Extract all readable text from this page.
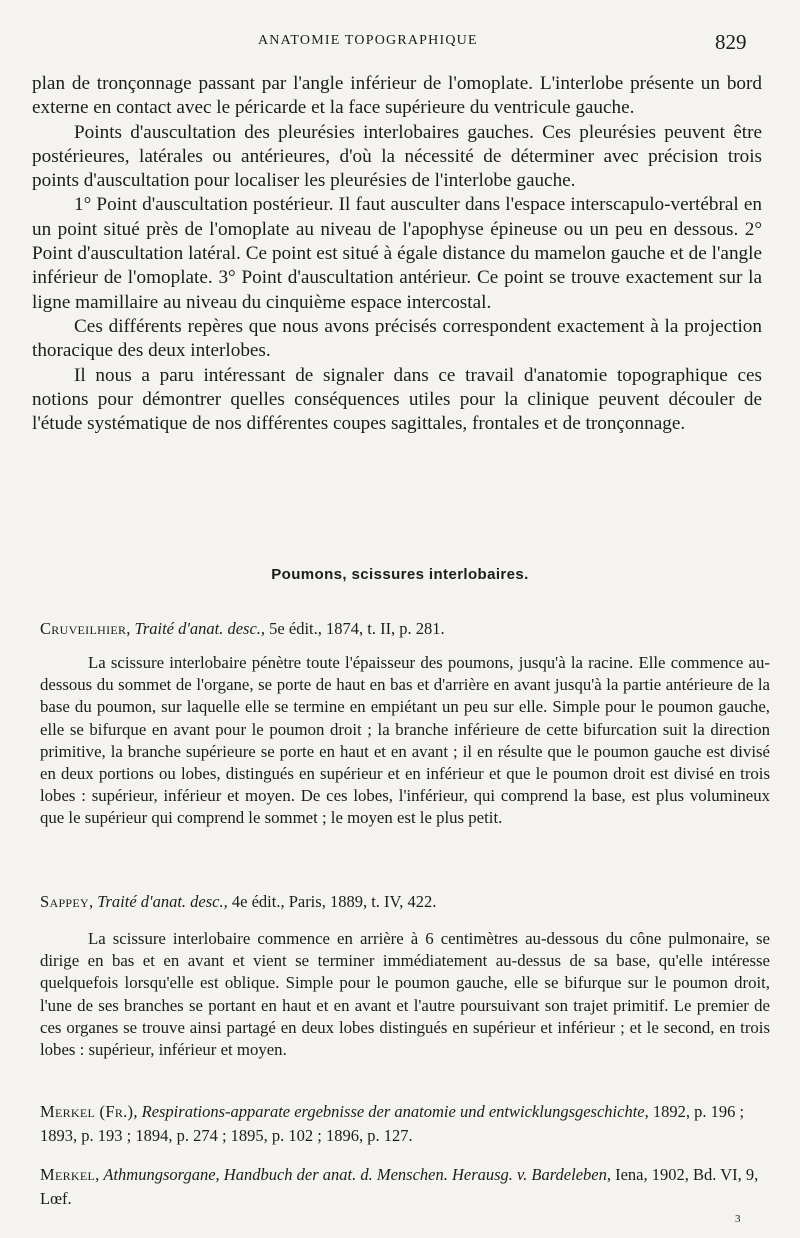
ANATOMIE TOPOGRAPHIQUE	829

plan de tronçonnage passant par l'angle inférieur de l'omoplate. L'interlobe présente un bord externe en contact avec le péricarde et la face supérieure du ventricule gauche.

Points d'auscultation des pleurésies interlobaires gauches. Ces pleurésies peuvent être postérieures, latérales ou antérieures, d'où la nécessité de déterminer avec précision trois points d'auscultation pour localiser les pleurésies de l'interlobe gauche.

1° Point d'auscultation postérieur. Il faut ausculter dans l'espace interscapulo-vertébral en un point situé près de l'omoplate au niveau de l'apophyse épineuse ou un peu en dessous. 2° Point d'auscultation latéral. Ce point est situé à égale distance du mamelon gauche et de l'angle inférieur de l'omoplate. 3° Point d'auscultation antérieur. Ce point se trouve exactement sur la ligne mamillaire au niveau du cinquième espace intercostal.

Ces différents repères que nous avons précisés correspondent exactement à la projection thoracique des deux interlobes.

Il nous a paru intéressant de signaler dans ce travail d'anatomie topographique ces notions pour démontrer quelles conséquences utiles pour la clinique peuvent découler de l'étude systématique de nos différentes coupes sagittales, frontales et de tronçonnage.

Poumons, scissures interlobaires.
Cruveilhier, Traité d'anat. desc., 5e édit., 1874, t. II, p. 281.

La scissure interlobaire pénètre toute l'épaisseur des poumons, jusqu'à la racine. Elle commence au-dessous du sommet de l'organe, se porte de haut en bas et d'arrière en avant jusqu'à la partie antérieure de la base du poumon, sur laquelle elle se termine en empiétant un peu sur elle. Simple pour le poumon gauche, elle se bifurque en avant pour le poumon droit ; la branche inférieure de cette bifurcation suit la direction primitive, la branche supérieure se porte en haut et en avant ; il en résulte que le poumon gauche est divisé en deux portions ou lobes, distingués en supérieur et en inférieur et que le poumon droit est divisé en trois lobes : supérieur, inférieur et moyen. De ces lobes, l'inférieur, qui comprend la base, est plus volumineux que le supérieur qui comprend le sommet ; le moyen est le plus petit.

Sappey, Traité d'anat. desc., 4e édit., Paris, 1889, t. IV, 422.

La scissure interlobaire commence en arrière à 6 centimètres au-dessous du cône pulmonaire, se dirige en bas et en avant et vient se terminer immédiatement au-dessus de sa base, qu'elle intéresse quelquefois lorsqu'elle est oblique. Simple pour le poumon gauche, elle se bifurque sur le poumon droit, l'une de ses branches se portant en haut et en avant et l'autre poursuivant son trajet primitif. Le premier de ces organes se trouve ainsi partagé en deux lobes distingués en supérieur et inférieur ; et le second, en trois lobes : supérieur, inférieur et moyen.

Merkel (Fr.), Respirations-apparate ergebnisse der anatomie und entwicklungsgeschichte, 1892, p. 196 ; 1893, p. 193 ; 1894, p. 274 ; 1895, p. 102 ; 1896, p. 127.
Merkel, Athmungsorgane, Handbuch der anat. d. Menschen. Herausg. v. Bardeleben, Iena, 1902, Bd. VI, 9, Lœf.
3
